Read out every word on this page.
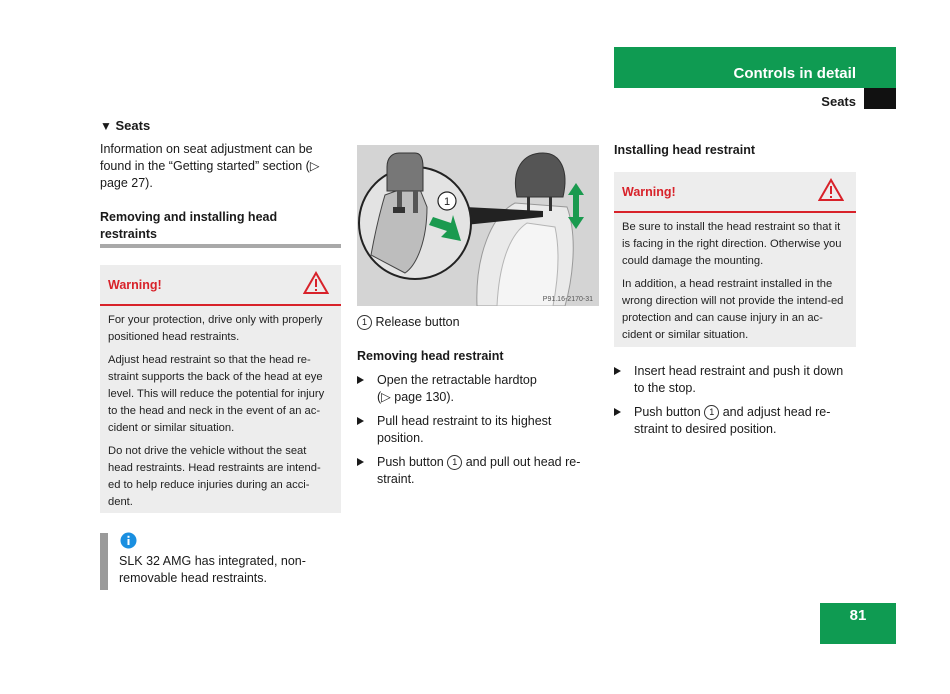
Controls in detail
Seats
▼ Seats
Information on seat adjustment can be found in the “Getting started” section (▷ page 27).
Removing and installing head restraints
Warning!

For your protection, drive only with properly positioned head restraints.

Adjust head restraint so that the head re-straint supports the back of the head at eye level. This will reduce the potential for injury to the head and neck in the event of an ac-cident or similar situation.

Do not drive the vehicle without the seat head restraints. Head restraints are intend-ed to help reduce injuries during an acci-dent.

SLK 32 AMG has integrated, non-removable head restraints.
1
P91.16-2170-31
1 Release button
Removing head restraint
Open the retractable hardtop
(▷ page 130).
Pull head restraint to its highest position.
Push button 1 and pull out head re-straint.
Installing head restraint
Warning!

Be sure to install the head restraint so that it is facing in the right direction. Otherwise you could damage the mounting.

In addition, a head restraint installed in the wrong direction will not provide the intend-ed protection and can cause injury in an ac-cident or similar situation.

Insert head restraint and push it down to the stop.
Push button 1 and adjust head re-straint to desired position.
81
